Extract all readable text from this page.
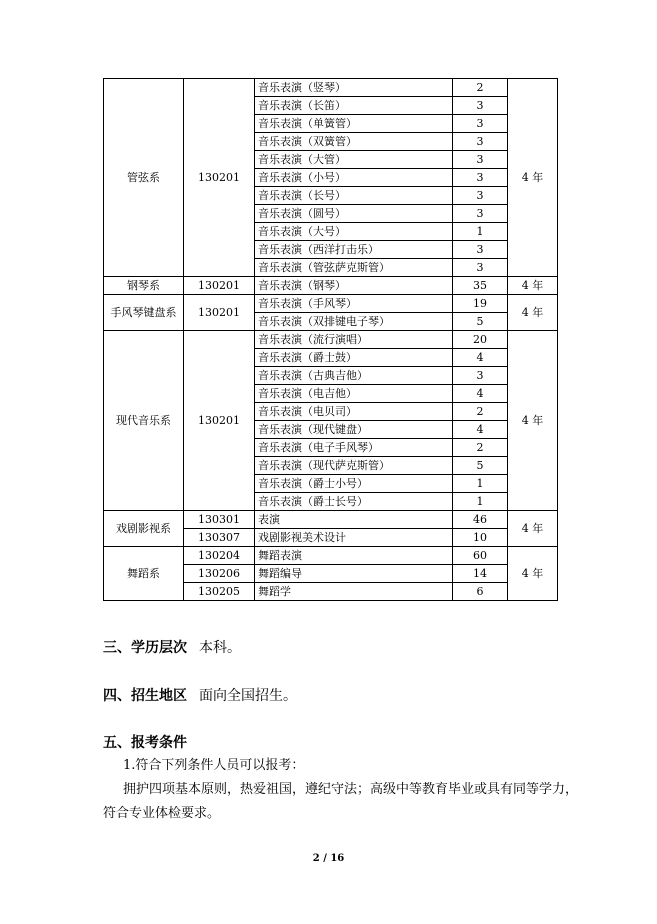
管弦系	130201	音乐表演（竖琴）	2	4 年
		音乐表演（长笛）	3	
		音乐表演（单簧管）	3	
		音乐表演（双簧管）	3	
		音乐表演（大管）	3	
		音乐表演（小号）	3	
		音乐表演（长号）	3	
		音乐表演（圆号）	3	
		音乐表演（大号）	1	
		音乐表演（西洋打击乐）	3	
		音乐表演（管弦萨克斯管）	3	
钢琴系	130201	音乐表演（钢琴）	35	4 年
手风琴键盘系	130201	音乐表演（手风琴）	19	4 年
		音乐表演（双排键电子琴）	5	
现代音乐系	130201	音乐表演（流行演唱）	20	4 年
		音乐表演（爵士鼓）	4	
		音乐表演（古典吉他）	3	
		音乐表演（电吉他）	4	
		音乐表演（电贝司）	2	
		音乐表演（现代键盘）	4	
		音乐表演（电子手风琴）	2	
		音乐表演（现代萨克斯管）	5	
		音乐表演（爵士小号）	1	
		音乐表演（爵士长号）	1	
戏剧影视系	130301	表演	46	4 年
	130307	戏剧影视美术设计	10	
舞蹈系	130204	舞蹈表演	60	4 年
	130206	舞蹈编导	14	
	130205	舞蹈学	6	
三、学历层次 本科。
四、招生地区 面向全国招生。
五、报考条件
1.符合下列条件人员可以报考：
拥护四项基本原则，热爱祖国，遵纪守法；高级中等教育毕业或具有同等学力，
符合专业体检要求。
2 / 16
